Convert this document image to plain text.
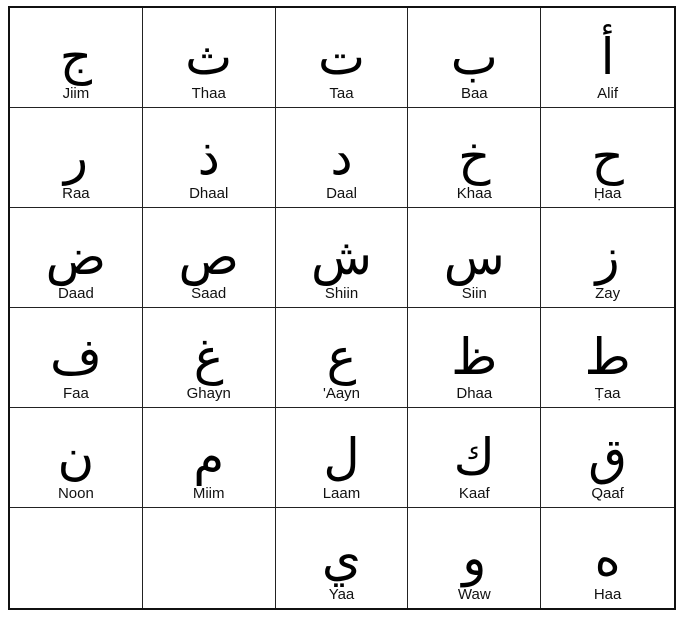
ج
Jiim
ث
Thaa
ت
Taa
ب
Baa
أ
Alif
ر
Raa
ذ
Dhaal
د
Daal
خ
Khaa
ح
Ḥaa
ض
Daad
ص
Saad
ش
Shiin
س
Siin
ز
Zay
ف
Faa
غ
Ghayn
ع
'Aayn
ظ
Dhaa
ط
Ṭaa
ن
Noon
م
Miim
ل
Laam
ك
Kaaf
ق
Qaaf
ي
Yaa
و
Waw
ه
Haa
